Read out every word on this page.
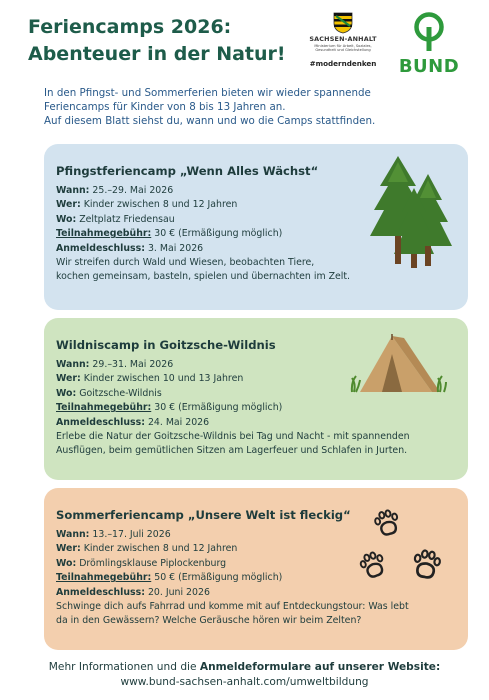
Feriencamps 2026:
Abenteuer in der Natur!
SACHSEN-ANHALT
Ministerium für Arbeit, Soziales, Gesundheit und Gleichstellung
#moderndenken BUND
In den Pfingst- und Sommerferien bieten wir wieder spannende
Feriencamps für Kinder von 8 bis 13 Jahren an.
Auf diesem Blatt siehst du, wann und wo die Camps stattfinden.
Pfingstferiencamp „Wenn Alles Wächst“
Wann: 25.–29. Mai 2026
Wer: Kinder zwischen 8 und 12 Jahren
Wo: Zeltplatz Friedensau
Teilnahmegebühr: 30 € (Ermäßigung möglich)
Anmeldeschluss: 3. Mai 2026
Wir streifen durch Wald und Wiesen, beobachten Tiere,
kochen gemeinsam, basteln, spielen und übernachten im Zelt.
Wildniscamp in Goitzsche-Wildnis
Wann: 29.–31. Mai 2026
Wer: Kinder zwischen 10 und 13 Jahren
Wo: Goitzsche-Wildnis
Teilnahmegebühr: 30 € (Ermäßigung möglich)
Anmeldeschluss: 24. Mai 2026
Erlebe die Natur der Goitzsche-Wildnis bei Tag und Nacht - mit spannenden
Ausflügen, beim gemütlichen Sitzen am Lagerfeuer und Schlafen in Jurten.
Sommerferiencamp „Unsere Welt ist fleckig“
Wann: 13.–17. Juli 2026
Wer: Kinder zwischen 8 und 12 Jahren
Wo: Drömlingsklause Piplockenburg
Teilnahmegebühr: 50 € (Ermäßigung möglich)
Anmeldeschluss: 20. Juni 2026
Schwinge dich aufs Fahrrad und komme mit auf Entdeckungstour: Was lebt
da in den Gewässern? Welche Geräusche hören wir beim Zelten?
Mehr Informationen und die Anmeldeformulare auf unserer Website:
www.bund-sachsen-anhalt.com/umweltbildung
